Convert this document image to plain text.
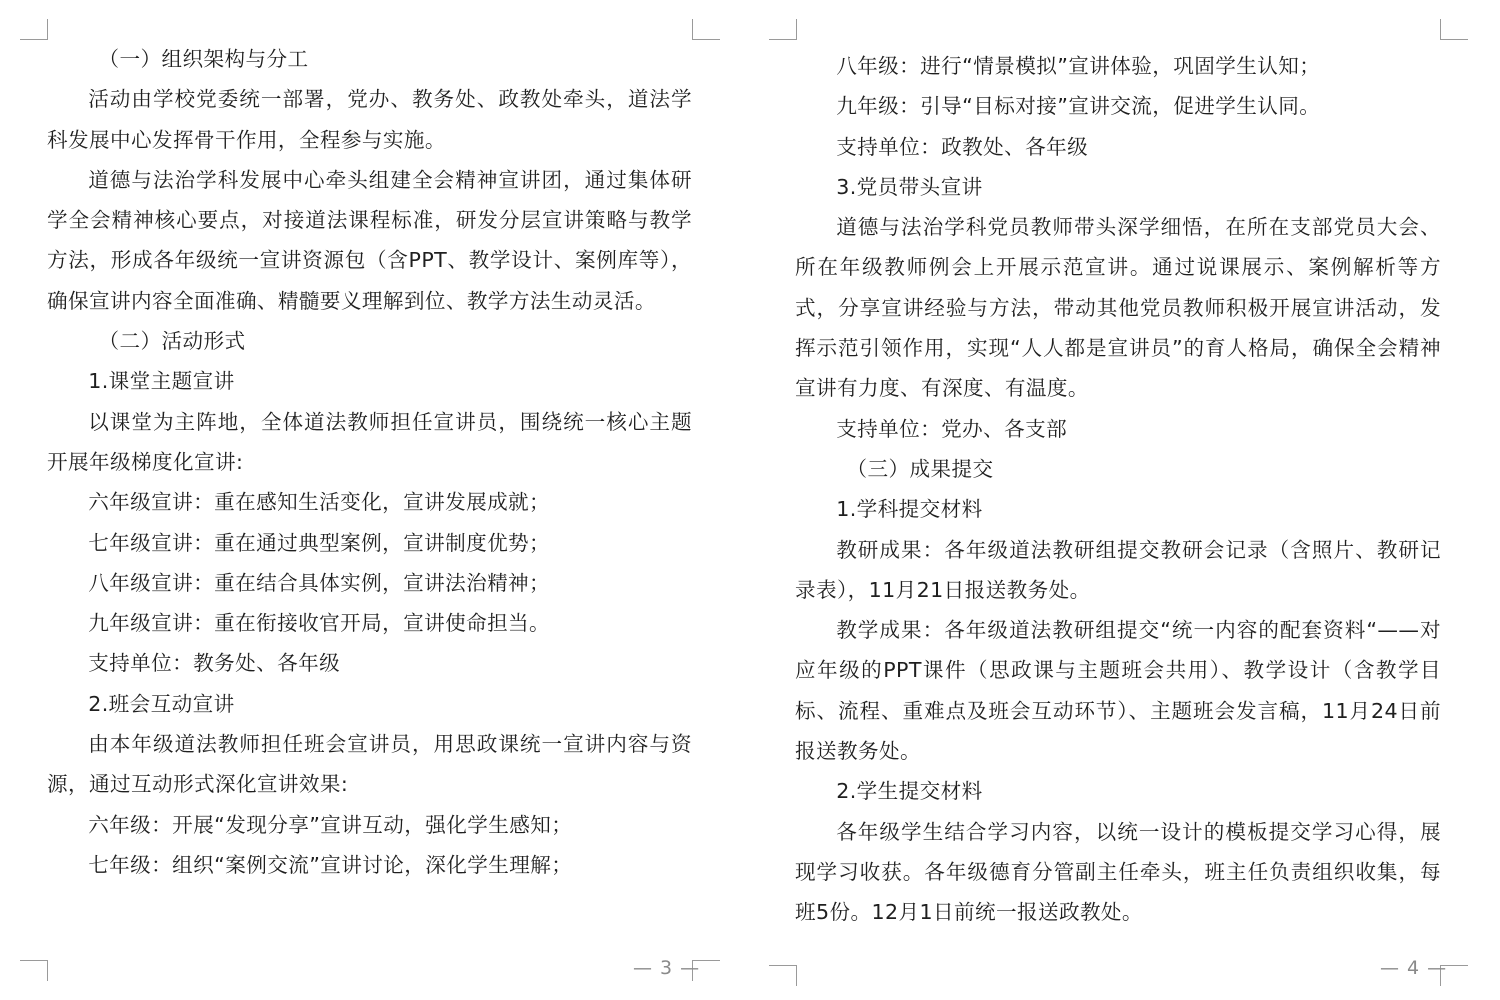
（一）组织架构与分工

活动由学校党委统一部署，党办、教务处、政教处牵头，道法学科发展中心发挥骨干作用，全程参与实施。

道德与法治学科发展中心牵头组建全会精神宣讲团，通过集体研学全会精神核心要点，对接道法课程标准，研发分层宣讲策略与教学方法，形成各年级统一宣讲资源包（含PPT、教学设计、案例库等），确保宣讲内容全面准确、精髓要义理解到位、教学方法生动灵活。

（二）活动形式

1.课堂主题宣讲

以课堂为主阵地，全体道法教师担任宣讲员，围绕统一核心主题开展年级梯度化宣讲:

六年级宣讲：重在感知生活变化，宣讲发展成就；

七年级宣讲：重在通过典型案例，宣讲制度优势；

八年级宣讲：重在结合具体实例，宣讲法治精神；

九年级宣讲：重在衔接收官开局，宣讲使命担当。

支持单位：教务处、各年级

2.班会互动宣讲

由本年级道法教师担任班会宣讲员，用思政课统一宣讲内容与资源，通过互动形式深化宣讲效果:

六年级：开展“发现分享”宣讲互动，强化学生感知；

七年级：组织“案例交流”宣讲讨论，深化学生理解；

— 3 —

八年级：进行“情景模拟”宣讲体验，巩固学生认知；

九年级：引导“目标对接”宣讲交流，促进学生认同。

支持单位：政教处、各年级

3.党员带头宣讲

道德与法治学科党员教师带头深学细悟，在所在支部党员大会、所在年级教师例会上开展示范宣讲。通过说课展示、案例解析等方式，分享宣讲经验与方法，带动其他党员教师积极开展宣讲活动，发挥示范引领作用，实现“人人都是宣讲员”的育人格局，确保全会精神宣讲有力度、有深度、有温度。

支持单位：党办、各支部

（三）成果提交

1.学科提交材料

教研成果：各年级道法教研组提交教研会记录（含照片、教研记录表），11月21日报送教务处。

教学成果：各年级道法教研组提交“统一内容的配套资料“——对应年级的PPT课件（思政课与主题班会共用）、教学设计（含教学目标、流程、重难点及班会互动环节）、主题班会发言稿，11月24日前报送教务处。

2.学生提交材料

各年级学生结合学习内容，以统一设计的模板提交学习心得，展现学习收获。各年级德育分管副主任牵头，班主任负责组织收集，每班5份。12月1日前统一报送政教处。

— 4 —
